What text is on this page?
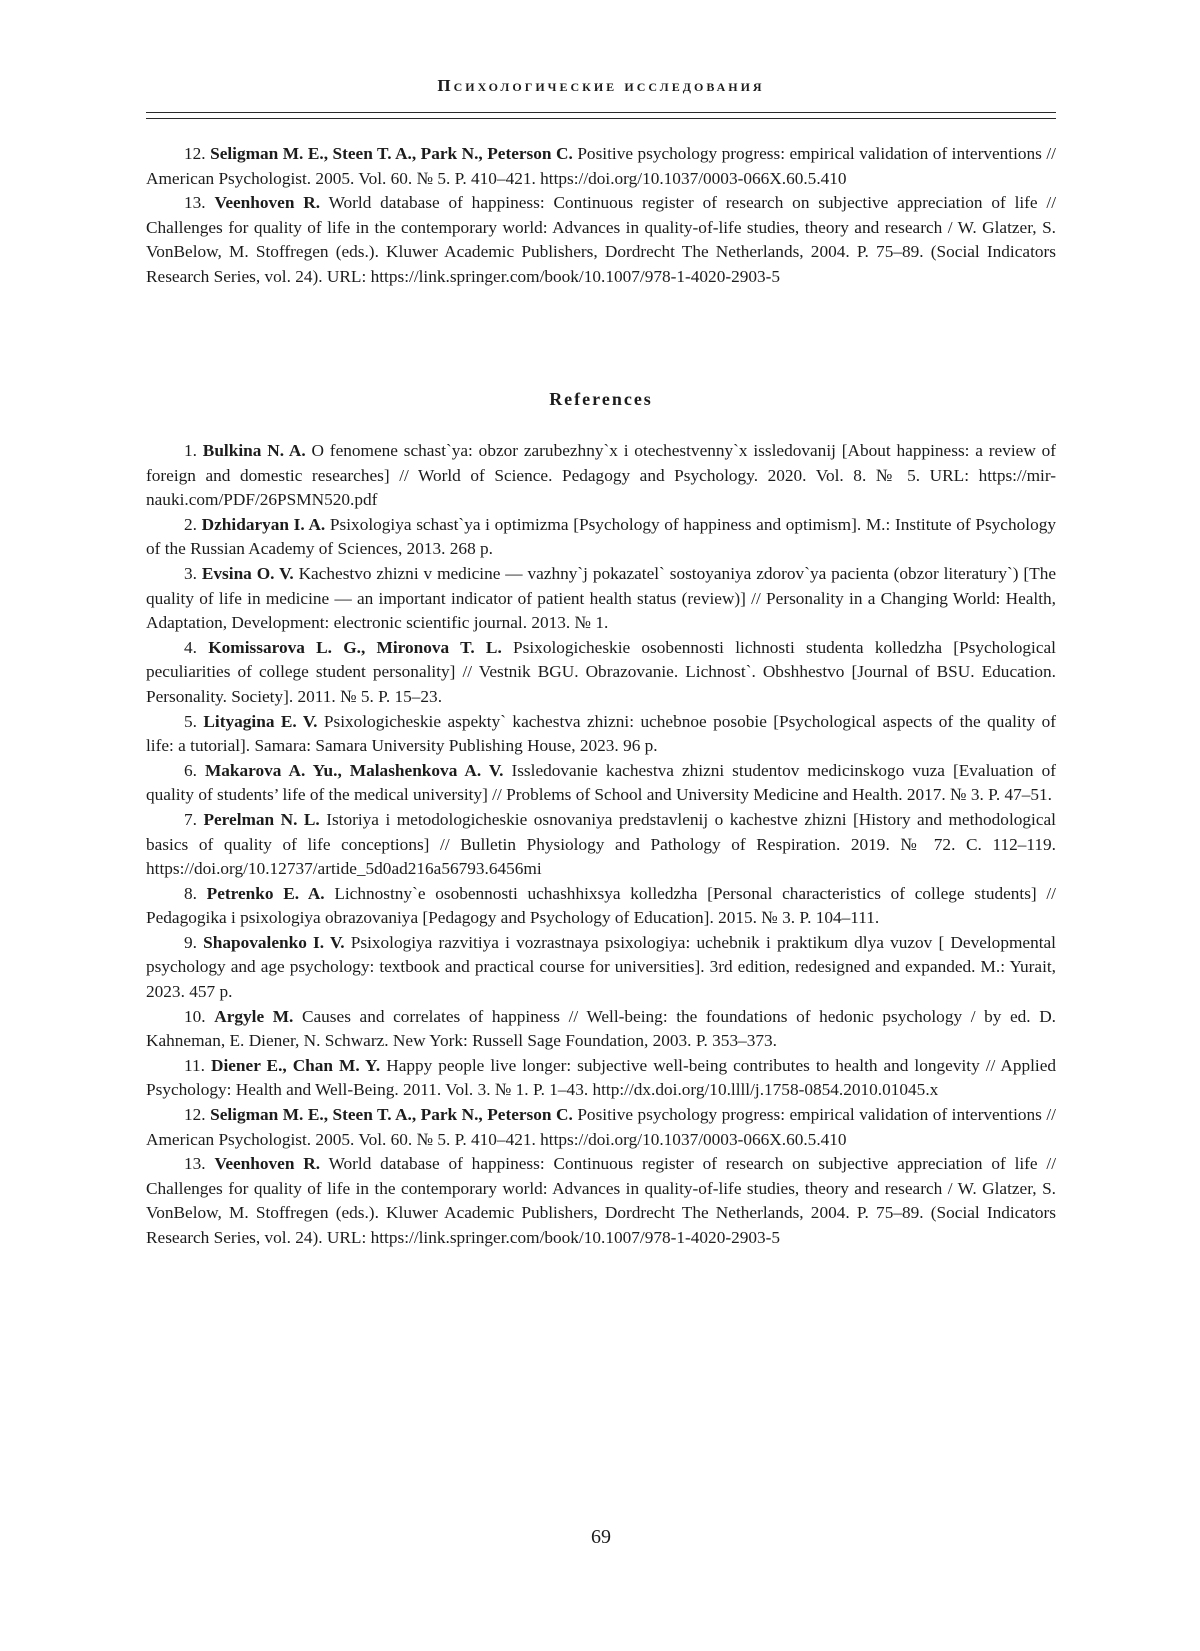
Психологические исследования

12. Seligman M. E., Steen T. A., Park N., Peterson C. Positive psychology progress: empirical validation of interventions // American Psychologist. 2005. Vol. 60. № 5. P. 410–421. https://doi.org/10.1037/0003-066X.60.5.410

13. Veenhoven R. World database of happiness: Continuous register of research on subjective appreciation of life // Challenges for quality of life in the contemporary world: Advances in quality-of-life studies, theory and research / W. Glatzer, S. VonBelow, M. Stoffregen (eds.). Kluwer Academic Publishers, Dordrecht The Netherlands, 2004. P. 75–89. (Social Indicators Research Series, vol. 24). URL: https://link.springer.com/book/10.1007/978-1-4020-2903-5

References

1. Bulkina N. A. O fenomene schast`ya: obzor zarubezhny`x i otechestvenny`x issledovanij [About happiness: a review of foreign and domestic researches] // World of Science. Pedagogy and Psychology. 2020. Vol. 8. № 5. URL: https://mir-nauki.com/PDF/26PSMN520.pdf

2. Dzhidaryan I. A. Psixologiya schast`ya i optimizma [Psychology of happiness and optimism]. M.: Institute of Psychology of the Russian Academy of Sciences, 2013. 268 p.

3. Evsina O. V. Kachestvo zhizni v medicine — vazhny`j pokazatel` sostoyaniya zdorov`ya pacienta (obzor literatury`) [The quality of life in medicine — an important indicator of patient health status (review)] // Personality in a Changing World: Health, Adaptation, Development: electronic scientific journal. 2013. № 1.

4. Komissarova L. G., Mironova T. L. Psixologicheskie osobennosti lichnosti studenta kolledzha [Psychological peculiarities of college student personality] // Vestnik BGU. Obrazovanie. Lichnost`. Obshhestvo [Journal of BSU. Education. Personality. Society]. 2011. № 5. P. 15–23.

5. Lityagina E. V. Psixologicheskie aspekty` kachestva zhizni: uchebnoe posobie [Psychological aspects of the quality of life: a tutorial]. Samara: Samara University Publishing House, 2023. 96 p.

6. Makarova A. Yu., Malashenkova A. V. Issledovanie kachestva zhizni studentov medicinskogo vuza [Evaluation of quality of students’ life of the medical university] // Problems of School and University Medicine and Health. 2017. № 3. P. 47–51.

7. Perelman N. L. Istoriya i metodologicheskie osnovaniya predstavlenij o kachestve zhizni [History and methodological basics of quality of life conceptions] // Bulletin Physiology and Pathology of Respiration. 2019. № 72. C. 112–119. https://doi.org/10.12737/artide_5d0ad216a56793.6456mi

8. Petrenko E. A. Lichnostny`e osobennosti uchashhixsya kolledzha [Personal characteristics of college students] // Pedagogika i psixologiya obrazovaniya [Pedagogy and Psychology of Education]. 2015. № 3. P. 104–111.

9. Shapovalenko I. V. Psixologiya razvitiya i vozrastnaya psixologiya: uchebnik i praktikum dlya vuzov [ Developmental psychology and age psychology: textbook and practical course for universities]. 3rd edition, redesigned and expanded. M.: Yurait, 2023. 457 p.

10. Argyle M. Causes and correlates of happiness // Well-being: the foundations of hedonic psychology / by ed. D. Kahneman, E. Diener, N. Schwarz. New York: Russell Sage Foundation, 2003. P. 353–373.

11. Diener E., Chan M. Y. Happy people live longer: subjective well-being contributes to health and longevity // Applied Psychology: Health and Well-Being. 2011. Vol. 3. № 1. P. 1–43. http://dx.doi.org/10.llll/j.1758-0854.2010.01045.x

12. Seligman M. E., Steen T. A., Park N., Peterson C. Positive psychology progress: empirical validation of interventions // American Psychologist. 2005. Vol. 60. № 5. P. 410–421. https://doi.org/10.1037/0003-066X.60.5.410

13. Veenhoven R. World database of happiness: Continuous register of research on subjective appreciation of life // Challenges for quality of life in the contemporary world: Advances in quality-of-life studies, theory and research / W. Glatzer, S. VonBelow, M. Stoffregen (eds.). Kluwer Academic Publishers, Dordrecht The Netherlands, 2004. P. 75–89. (Social Indicators Research Series, vol. 24). URL: https://link.springer.com/book/10.1007/978-1-4020-2903-5

69
